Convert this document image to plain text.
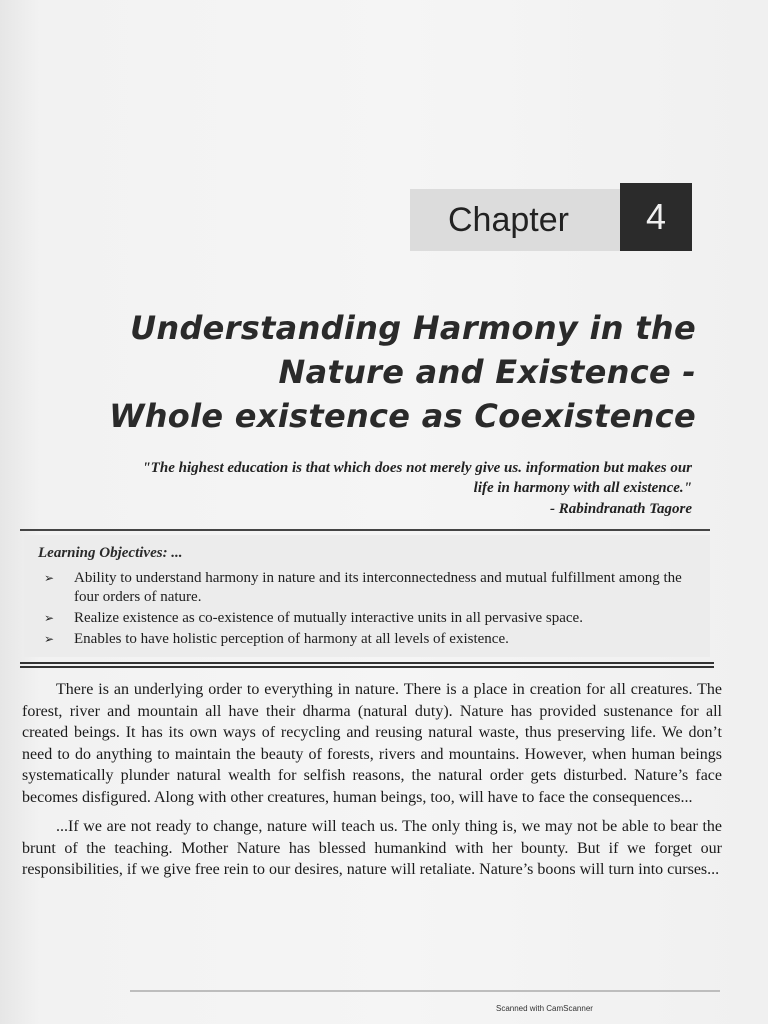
Chapter	4
Understanding Harmony in the
Nature and Existence -
Whole existence as Coexistence
"The highest education is that which does not merely give us. information but makes our
life in harmony with all existence."
- Rabindranath Tagore
Learning Objectives: ...
➢	Ability to understand harmony in nature and its interconnectedness and mutual fulfillment among the four orders of nature.
➢	Realize existence as co-existence of mutually interactive units in all pervasive space.
➢	Enables to have holistic perception of harmony at all levels of existence.

There is an underlying order to everything in nature. There is a place in creation for all creatures. The forest, river and mountain all have their dharma (natural duty). Nature has provided sustenance for all created beings. It has its own ways of recycling and reusing natural waste, thus preserving life. We don’t need to do anything to maintain the beauty of forests, rivers and mountains. However, when human beings systematically plunder natural wealth for selfish reasons, the natural order gets disturbed. Nature’s face becomes disfigured. Along with other creatures, human beings, too, will have to face the consequences...

...If we are not ready to change, nature will teach us. The only thing is, we may not be able to bear the brunt of the teaching. Mother Nature has blessed humankind with her bounty. But if we forget our responsibilities, if we give free rein to our desires, nature will retaliate. Nature’s boons will turn into curses...

Scanned with CamScanner
